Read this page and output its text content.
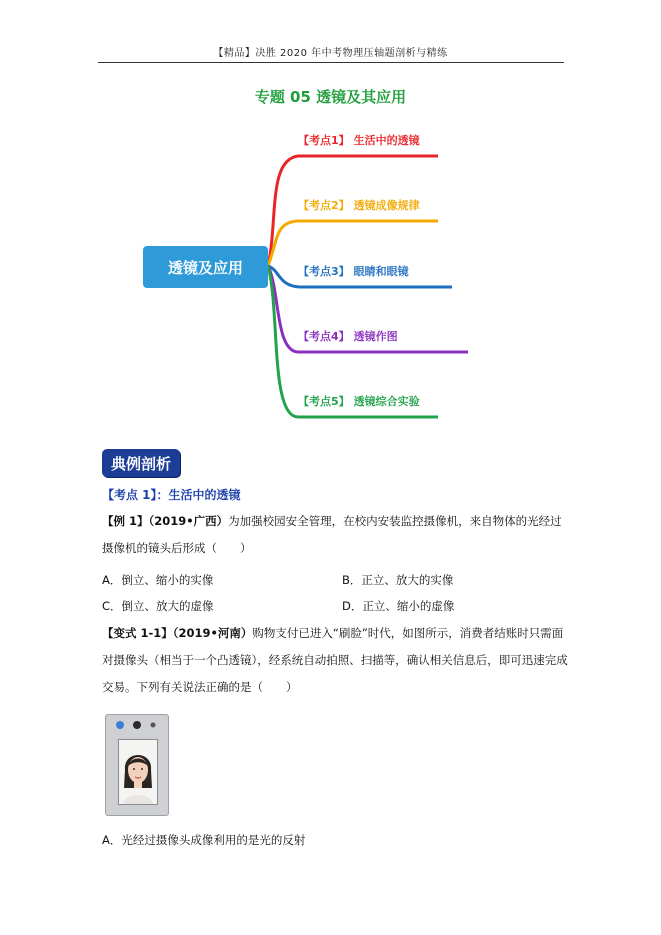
【精品】决胜 2020 年中考物理压轴题剖析与精练
专题 05 透镜及其应用
透镜及应用
【考点1】 生活中的透镜
【考点2】 透镜成像规律
【考点3】 眼睛和眼镜
【考点4】 透镜作图
【考点5】 透镜综合实验
典例剖析
【考点 1】：生活中的透镜
【例 1】（2019•广西）为加强校园安全管理，在校内安装监控摄像机，来自物体的光经过摄像机的镜头后形成（　　）
A．倒立、缩小的实像	B．正立、放大的实像
C．倒立、放大的虚像	D．正立、缩小的虚像
【变式 1-1】（2019•河南）购物支付已进入“刷脸”时代，如图所示，消费者结账时只需面对摄像头（相当于一个凸透镜），经系统自动拍照、扫描等，确认相关信息后，即可迅速完成交易。下列有关说法正确的是（　　）
A．光经过摄像头成像利用的是光的反射
